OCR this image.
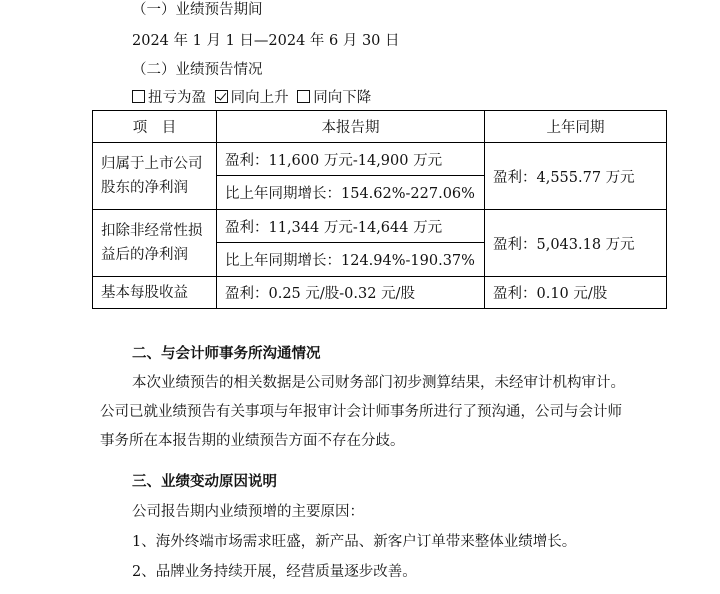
（一）业绩预告期间
2024 年 1 月 1 日—2024 年 6 月 30 日
（二）业绩预告情况
扭亏为盈 同向上升 同向下降
项　目	本报告期	上年同期
归属于上市公司股东的净利润	盈利：11,600 万元-14,900 万元	盈利：4,555.77 万元
	比上年同期增长：154.62%-227.06%	
扣除非经常性损益后的净利润	盈利：11,344 万元-14,644 万元	盈利：5,043.18 万元
	比上年同期增长：124.94%-190.37%	
基本每股收益	盈利：0.25 元/股-0.32 元/股	盈利：0.10 元/股
二、与会计师事务所沟通情况
本次业绩预告的相关数据是公司财务部门初步测算结果，未经审计机构审计。
公司已就业绩预告有关事项与年报审计会计师事务所进行了预沟通，公司与会计师
事务所在本报告期的业绩预告方面不存在分歧。
三、业绩变动原因说明
公司报告期内业绩预增的主要原因：
1、海外终端市场需求旺盛，新产品、新客户订单带来整体业绩增长。
2、品牌业务持续开展，经营质量逐步改善。
